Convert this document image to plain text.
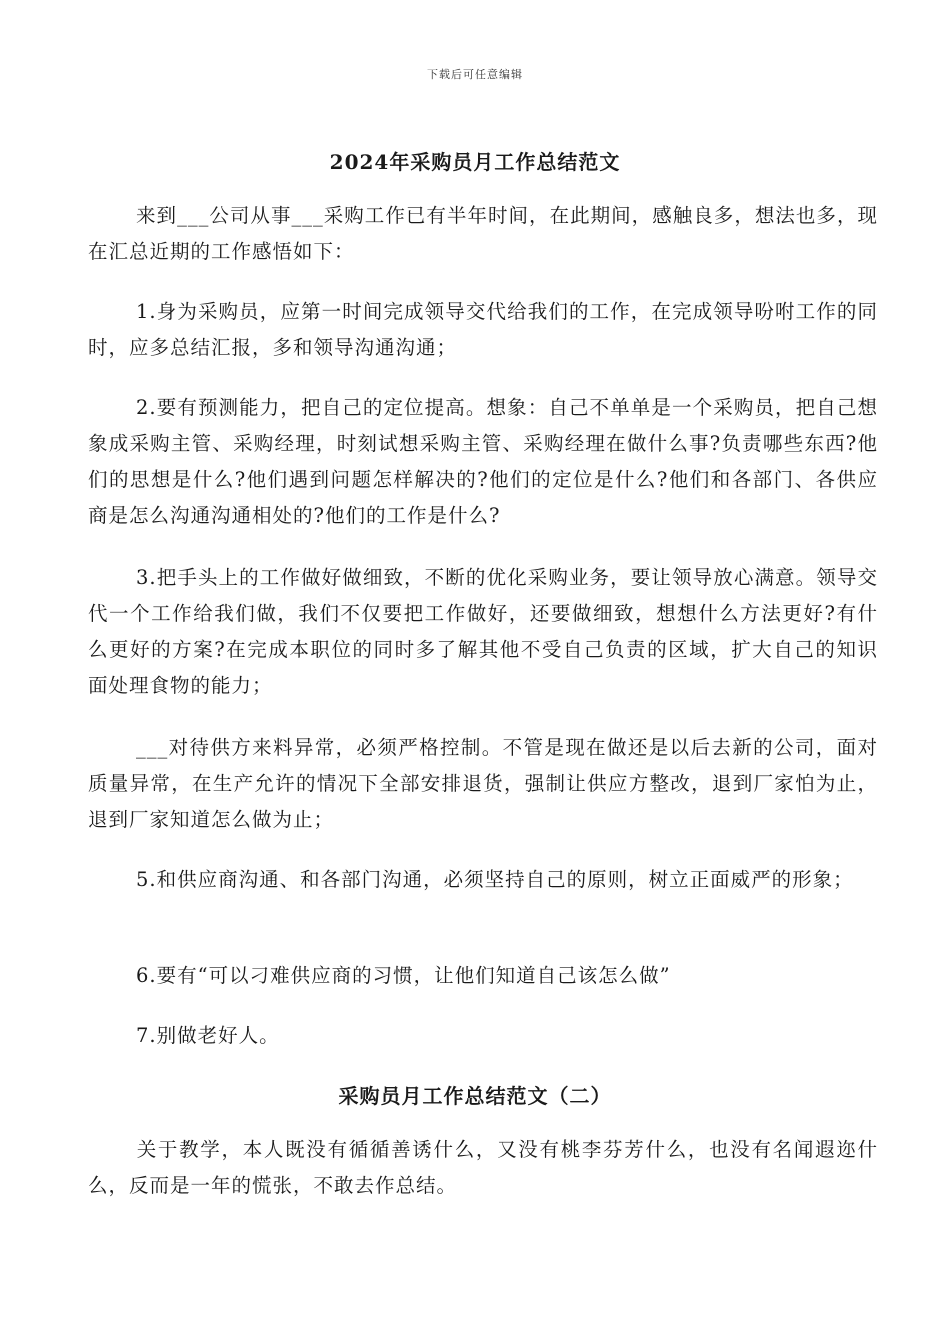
下载后可任意编辑
2024年采购员月工作总结范文
来到___公司从事___采购工作已有半年时间，在此期间，感触良多，想法也多，现在汇总近期的工作感悟如下：
1.身为采购员，应第一时间完成领导交代给我们的工作，在完成领导吩咐工作的同时，应多总结汇报，多和领导沟通沟通；
2.要有预测能力，把自己的定位提高。想象：自己不单单是一个采购员，把自己想象成采购主管、采购经理，时刻试想采购主管、采购经理在做什么事?负责哪些东西?他们的思想是什么?他们遇到问题怎样解决的?他们的定位是什么?他们和各部门、各供应商是怎么沟通沟通相处的?他们的工作是什么?
3.把手头上的工作做好做细致，不断的优化采购业务，要让领导放心满意。领导交代一个工作给我们做，我们不仅要把工作做好，还要做细致，想想什么方法更好?有什么更好的方案?在完成本职位的同时多了解其他不受自己负责的区域，扩大自己的知识面处理食物的能力；
___对待供方来料异常，必须严格控制。不管是现在做还是以后去新的公司，面对质量异常，在生产允许的情况下全部安排退货，强制让供应方整改，退到厂家怕为止，退到厂家知道怎么做为止；
5.和供应商沟通、和各部门沟通，必须坚持自己的原则，树立正面威严的形象；
6.要有“可以刁难供应商的习惯，让他们知道自己该怎么做”
7.别做老好人。
采购员月工作总结范文（二）
关于教学，本人既没有循循善诱什么，又没有桃李芬芳什么，也没有名闻遐迩什么，反而是一年的慌张，不敢去作总结。
